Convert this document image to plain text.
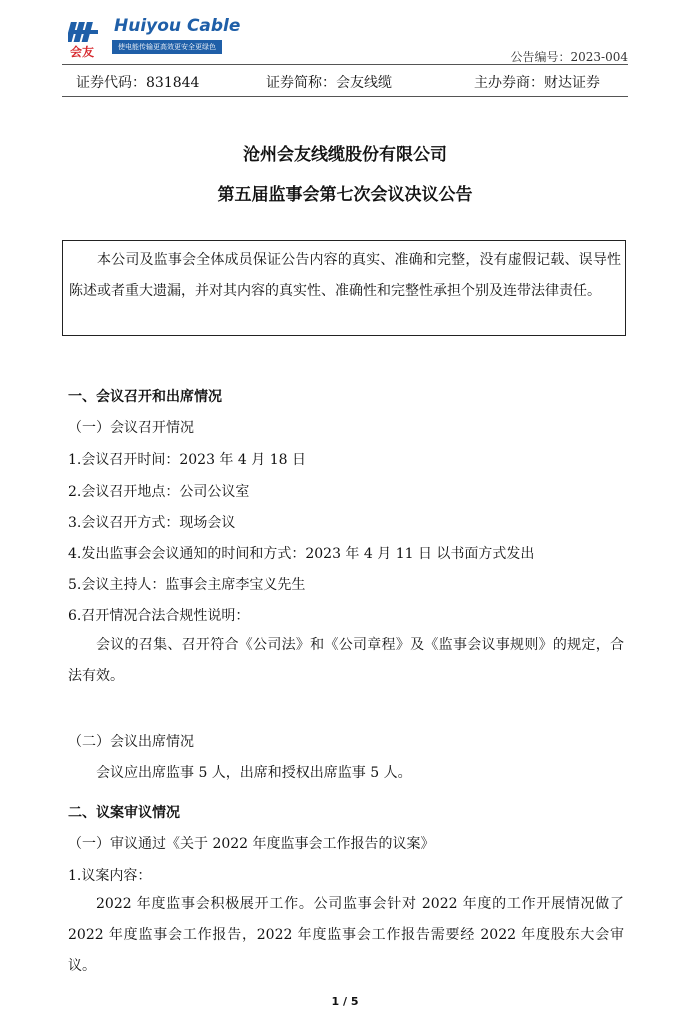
Huiyou Cable
会友	使电能传输更高效更安全更绿色
公告编号：2023-004
证券代码：831844	证券简称：会友线缆	主办券商：财达证券
沧州会友线缆股份有限公司
第五届监事会第七次会议决议公告

本公司及监事会全体成员保证公告内容的真实、准确和完整，没有虚假记载、误导性陈述或者重大遗漏，并对其内容的真实性、准确性和完整性承担个别及连带法律责任。

一、会议召开和出席情况
（一）会议召开情况
1.会议召开时间：2023 年 4 月 18 日
2.会议召开地点：公司公议室
3.会议召开方式：现场会议
4.发出监事会会议通知的时间和方式：2023 年 4 月 11 日 以书面方式发出
5.会议主持人：监事会主席李宝义先生
6.召开情况合法合规性说明：

会议的召集、召开符合《公司法》和《公司章程》及《监事会议事规则》的规定，合法有效。

（二）会议出席情况
会议应出席监事 5 人，出席和授权出席监事 5 人。
二、议案审议情况
（一）审议通过《关于 2022 年度监事会工作报告的议案》
1.议案内容：

2022 年度监事会积极展开工作。公司监事会针对 2022 年度的工作开展情况做了 2022 年度监事会工作报告，2022 年度监事会工作报告需要经 2022 年度股东大会审议。

1 / 5
